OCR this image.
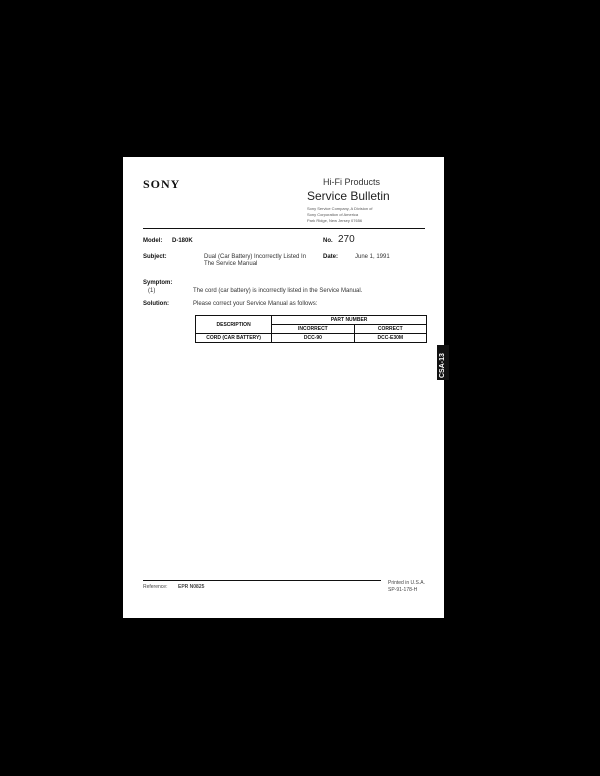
SONY	Hi-Fi Products
Service Bulletin
Sony Service Company, A Division of
Sony Corporation of America
Park Ridge, New Jersey 07656
Model: D-180K	No. 270
Subject:	Dual (Car Battery) Incorrectly Listed In
The Service Manual
Date:	June 1, 1991
Symptom:
(1)	The cord (car battery) is incorrectly listed in the Service Manual.
Solution:	Please correct your Service Manual as follows:
DESCRIPTION	PART NUMBER	
	INCORRECT	CORRECT
CORD (CAR BATTERY)	DCC-90	DCC-E30M
Reference: EPR N0825
Printed in U.S.A.
SP-91-178-H
Discman
CSA-13
